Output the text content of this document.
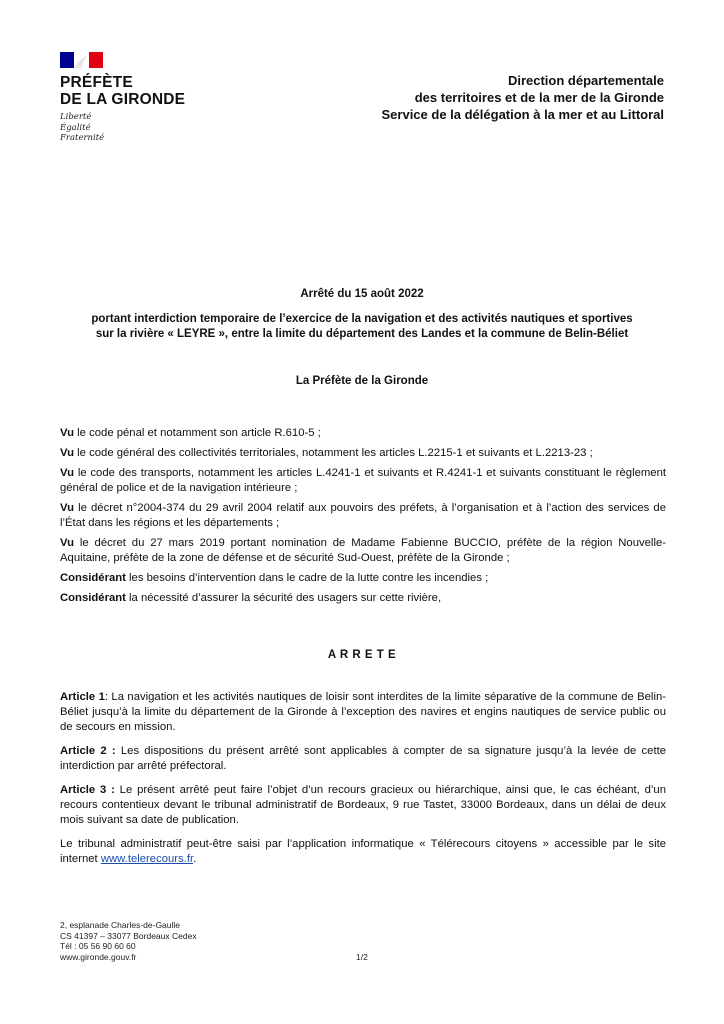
PRÉFÈTE
DE LA GIRONDE
Liberté
Égalité
Fraternité
Direction départementale
des territoires et de la mer de la Gironde
Service de la délégation à la mer et au Littoral
Arrêté du 15 août 2022
portant interdiction temporaire de l’exercice de la navigation et des activités nautiques et sportives
sur la rivière « LEYRE », entre la limite du département des Landes et la commune de Belin-Béliet
La Préfète de la Gironde

Vu le code pénal et notamment son article R.610-5 ;

Vu le code général des collectivités territoriales, notamment les articles L.2215-1 et suivants et L.2213-23 ;

Vu le code des transports, notamment les articles L.4241-1 et suivants et R.4241-1 et suivants constituant le règlement général de police et de la navigation intérieure ;

Vu le décret n°2004-374 du 29 avril 2004 relatif aux pouvoirs des préfets, à l’organisation et à l’action des services de l’État dans les régions et les départements ;

Vu le décret du 27 mars 2019 portant nomination de Madame Fabienne BUCCIO, préfète de la région Nouvelle-Aquitaine, préfète de la zone de défense et de sécurité Sud-Ouest, préfète de la Gironde ;

Considérant les besoins d’intervention dans le cadre de la lutte contre les incendies ;

Considérant la nécessité d’assurer la sécurité des usagers sur cette rivière,

A R R E T E

Article 1: La navigation et les activités nautiques de loisir sont interdites de la limite séparative de la commune de Belin-Béliet jusqu’à la limite du département de la Gironde à l’exception des navires et engins nautiques de service public ou de secours en mission.

Article 2 : Les dispositions du présent arrêté sont applicables à compter de sa signature jusqu’à la levée de cette interdiction par arrêté préfectoral.

Article 3 : Le présent arrêté peut faire l’objet d’un recours gracieux ou hiérarchique, ainsi que, le cas échéant, d’un recours contentieux devant le tribunal administratif de Bordeaux, 9 rue Tastet, 33000 Bordeaux, dans un délai de deux mois suivant sa date de publication.

Le tribunal administratif peut-être saisi par l’application informatique « Télérecours citoyens » accessible par le site internet www.telerecours.fr.

2, esplanade Charles-de-Gaulle
CS 41397 – 33077 Bordeaux Cedex
Tél : 05 56 90 60 60
www.gironde.gouv.fr	1/2
